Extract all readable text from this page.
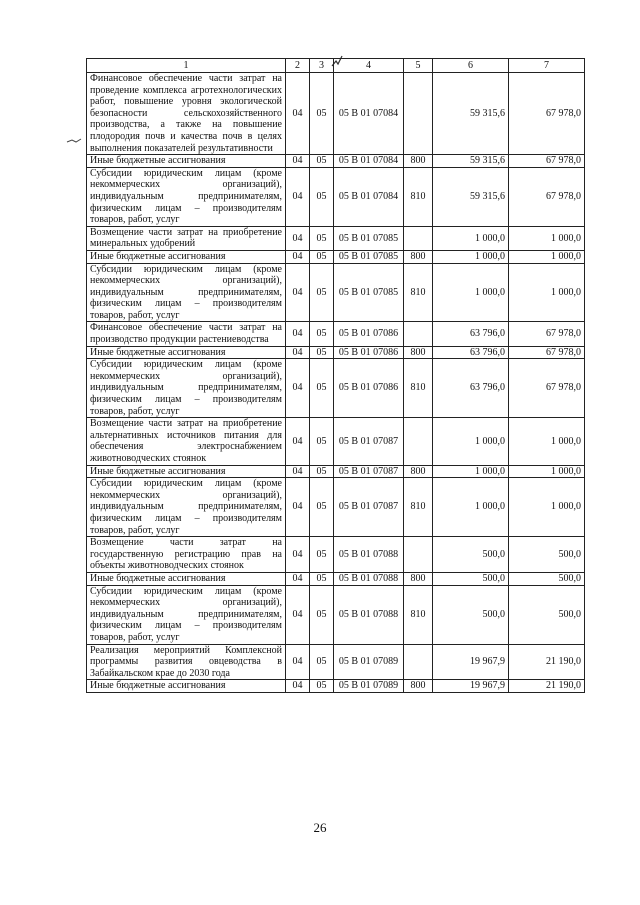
1	2	3	4	5	6	7
Финансовое обеспечение части затрат на проведение комплекса агротехнологических работ, повышение уровня экологической безопасности сельскохозяйственного производства, а также на повышение плодородия почв и качества почв в целях выполнения показателей результативности	04	05	05 В 01 07084		59 315,6	67 978,0
Иные бюджетные ассигнования	04	05	05 В 01 07084	800	59 315,6	67 978,0
Субсидии юридическим лицам (кроме некоммерческих организаций), индивидуальным предпринимателям, физическим лицам – производителям товаров, работ, услуг	04	05	05 В 01 07084	810	59 315,6	67 978,0
Возмещение части затрат на приобретение минеральных удобрений	04	05	05 В 01 07085		1 000,0	1 000,0
Иные бюджетные ассигнования	04	05	05 В 01 07085	800	1 000,0	1 000,0
Субсидии юридическим лицам (кроме некоммерческих организаций), индивидуальным предпринимателям, физическим лицам – производителям товаров, работ, услуг	04	05	05 В 01 07085	810	1 000,0	1 000,0
Финансовое обеспечение части затрат на производство продукции растениеводства	04	05	05 В 01 07086		63 796,0	67 978,0
Иные бюджетные ассигнования	04	05	05 В 01 07086	800	63 796,0	67 978,0
Субсидии юридическим лицам (кроме некоммерческих организаций), индивидуальным предпринимателям, физическим лицам – производителям товаров, работ, услуг	04	05	05 В 01 07086	810	63 796,0	67 978,0
Возмещение части затрат на приобретение альтернативных источников питания для обеспечения электроснабжением животноводческих стоянок	04	05	05 В 01 07087		1 000,0	1 000,0
Иные бюджетные ассигнования	04	05	05 В 01 07087	800	1 000,0	1 000,0
Субсидии юридическим лицам (кроме некоммерческих организаций), индивидуальным предпринимателям, физическим лицам – производителям товаров, работ, услуг	04	05	05 В 01 07087	810	1 000,0	1 000,0
Возмещение части затрат на государственную регистрацию прав на объекты животноводческих стоянок	04	05	05 В 01 07088		500,0	500,0
Иные бюджетные ассигнования	04	05	05 В 01 07088	800	500,0	500,0
Субсидии юридическим лицам (кроме некоммерческих организаций), индивидуальным предпринимателям, физическим лицам – производителям товаров, работ, услуг	04	05	05 В 01 07088	810	500,0	500,0
Реализация мероприятий Комплексной программы развития овцеводства в Забайкальском крае до 2030 года	04	05	05 В 01 07089		19 967,9	21 190,0
Иные бюджетные ассигнования	04	05	05 В 01 07089	800	19 967,9	21 190,0
26
